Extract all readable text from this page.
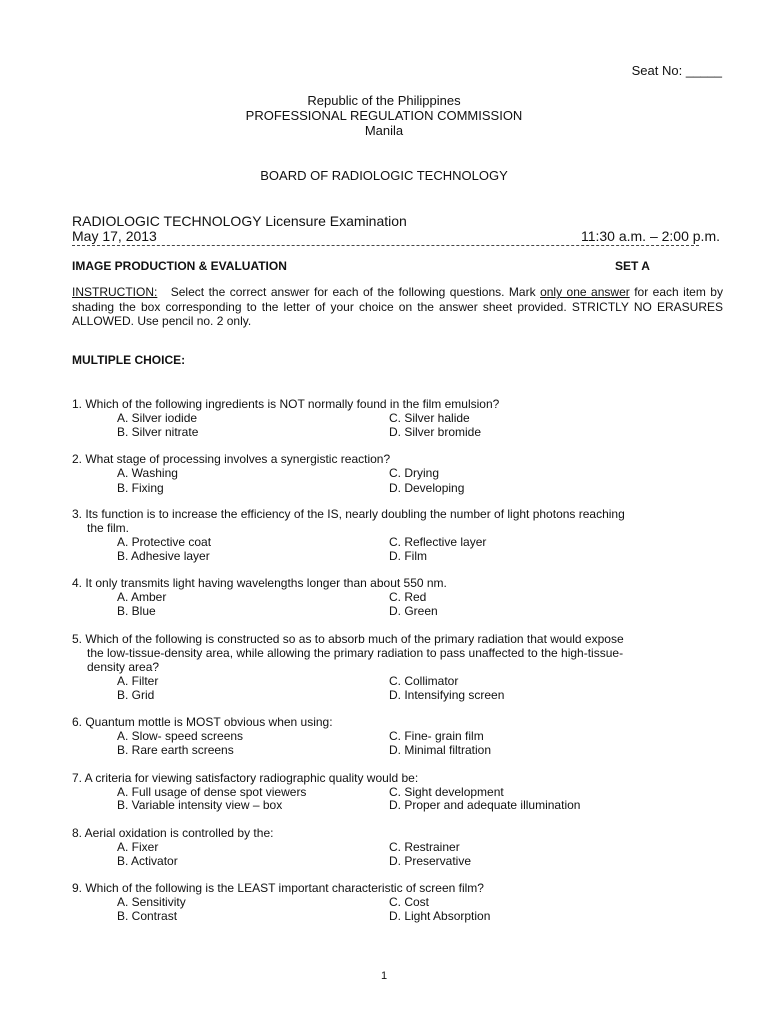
Seat No: _____
Republic of the Philippines
PROFESSIONAL REGULATION COMMISSION
Manila
BOARD OF RADIOLOGIC TECHNOLOGY
RADIOLOGIC TECHNOLOGY Licensure Examination
May 17, 2013	11:30 a.m. – 2:00 p.m.
IMAGE PRODUCTION & EVALUATION	SET A
INSTRUCTION: Select the correct answer for each of the following questions. Mark only one answer for each item by shading the box corresponding to the letter of your choice on the answer sheet provided. STRICTLY NO ERASURES ALLOWED. Use pencil no. 2 only.
MULTIPLE CHOICE:
1. Which of the following ingredients is NOT normally found in the film emulsion?
A. Silver iodide	C. Silver halide
B. Silver nitrate	D. Silver bromide
2. What stage of processing involves a synergistic reaction?
A. Washing	C. Drying
B. Fixing	D. Developing
3. Its function is to increase the efficiency of the IS, nearly doubling the number of light photons reaching
the film.
A. Protective coat	C. Reflective layer
B. Adhesive layer	D. Film
4. It only transmits light having wavelengths longer than about 550 nm.
A. Amber	C. Red
B. Blue	D. Green
5. Which of the following is constructed so as to absorb much of the primary radiation that would expose
the low-tissue-density area, while allowing the primary radiation to pass unaffected to the high-tissue-
density area?
A. Filter	C. Collimator
B. Grid	D. Intensifying screen
6. Quantum mottle is MOST obvious when using:
A. Slow- speed screens	C. Fine- grain film
B. Rare earth screens	D. Minimal filtration
7. A criteria for viewing satisfactory radiographic quality would be:
A. Full usage of dense spot viewers	C. Sight development
B. Variable intensity view – box	D. Proper and adequate illumination
8. Aerial oxidation is controlled by the:
A. Fixer	C. Restrainer
B. Activator	D. Preservative
9. Which of the following is the LEAST important characteristic of screen film?
A. Sensitivity	C. Cost
B. Contrast	D. Light Absorption
1
